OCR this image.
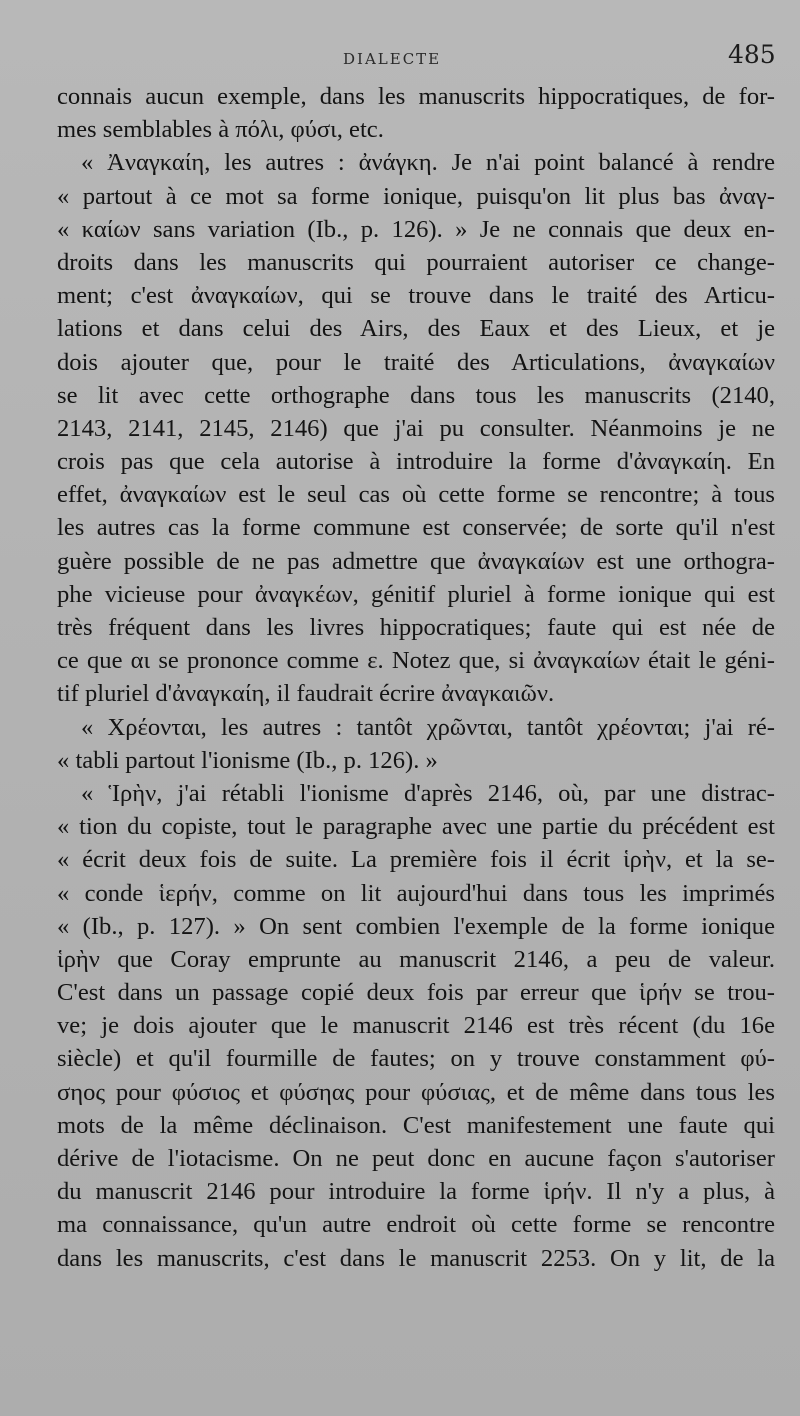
DIALECTE	485
connais aucun exemple, dans les manuscrits hippocratiques, de for-
mes semblables à πόλι, φύσι, etc.
« Ἀναγκαίη, les autres : ἀνάγκη. Je n'ai point balancé à rendre
« partout à ce mot sa forme ionique, puisqu'on lit plus bas ἀναγ-
« καίων sans variation (Ib., p. 126). » Je ne connais que deux en-
droits dans les manuscrits qui pourraient autoriser ce change-
ment; c'est ἀναγκαίων, qui se trouve dans le traité des Articu-
lations et dans celui des Airs, des Eaux et des Lieux, et je
dois ajouter que, pour le traité des Articulations, ἀναγκαίων
se lit avec cette orthographe dans tous les manuscrits (2140,
2143, 2141, 2145, 2146) que j'ai pu consulter. Néanmoins je ne
crois pas que cela autorise à introduire la forme d'ἀναγκαίη. En
effet, ἀναγκαίων est le seul cas où cette forme se rencontre; à tous
les autres cas la forme commune est conservée; de sorte qu'il n'est
guère possible de ne pas admettre que ἀναγκαίων est une orthogra-
phe vicieuse pour ἀναγκέων, génitif pluriel à forme ionique qui est
très fréquent dans les livres hippocratiques; faute qui est née de
ce que αι se prononce comme ε. Notez que, si ἀναγκαίων était le géni-
tif pluriel d'ἀναγκαίη, il faudrait écrire ἀναγκαιῶν.
« Χρέονται, les autres : tantôt χρῶνται, tantôt χρέονται; j'ai ré-
« tabli partout l'ionisme (Ib., p. 126). »
« Ἱρὴν, j'ai rétabli l'ionisme d'après 2146, où, par une distrac-
« tion du copiste, tout le paragraphe avec une partie du précédent est
« écrit deux fois de suite. La première fois il écrit ἱρὴν, et la se-
« conde ἱερήν, comme on lit aujourd'hui dans tous les imprimés
« (Ib., p. 127). » On sent combien l'exemple de la forme ionique
ἱρὴν que Coray emprunte au manuscrit 2146, a peu de valeur.
C'est dans un passage copié deux fois par erreur que ἱρήν se trou-
ve; je dois ajouter que le manuscrit 2146 est très récent (du 16e
siècle) et qu'il fourmille de fautes; on y trouve constamment φύ-
σηος pour φύσιος et φύσηας pour φύσιας, et de même dans tous les
mots de la même déclinaison. C'est manifestement une faute qui
dérive de l'iotacisme. On ne peut donc en aucune façon s'autoriser
du manuscrit 2146 pour introduire la forme ἱρήν. Il n'y a plus, à
ma connaissance, qu'un autre endroit où cette forme se rencontre
dans les manuscrits, c'est dans le manuscrit 2253. On y lit, de la
